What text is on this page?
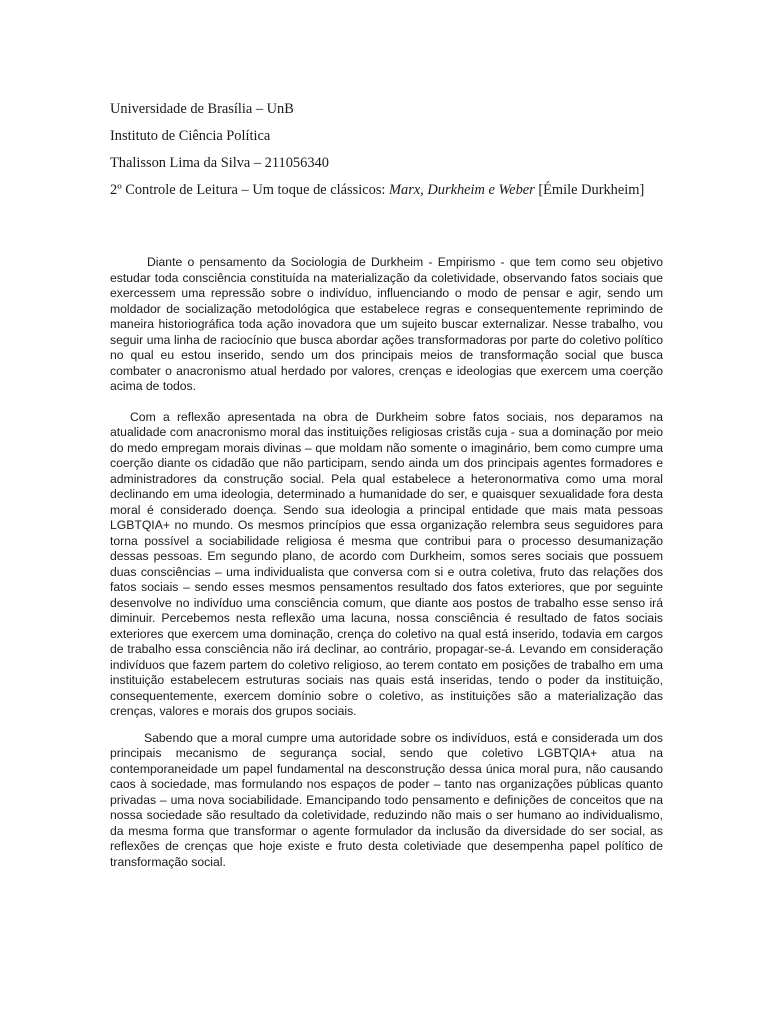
Universidade de Brasília – UnB
Instituto de Ciência Política
Thalisson Lima da Silva – 211056340
2º Controle de Leitura – Um toque de clássicos: Marx, Durkheim e Weber [Émile Durkheim]

Diante o pensamento da Sociologia de Durkheim - Empirismo - que tem como seu objetivo estudar toda consciência constituída na materialização da coletividade, observando fatos sociais que exercessem uma repressão sobre o indivíduo, influenciando o modo de pensar e agir, sendo um moldador de socialização metodológica que estabelece regras e consequentemente reprimindo de maneira historiográfica toda ação inovadora que um sujeito buscar externalizar. Nesse trabalho, vou seguir uma linha de raciocínio que busca abordar ações transformadoras por parte do coletivo político no qual eu estou inserido, sendo um dos principais meios de transformação social que busca combater o anacronismo atual herdado por valores, crenças e ideologias que exercem uma coerção acima de todos.

Com a reflexão apresentada na obra de Durkheim sobre fatos sociais, nos deparamos na atualidade com anacronismo moral das instituições religiosas cristãs cuja - sua a dominação por meio do medo empregam morais divinas – que moldam não somente o imaginário, bem como cumpre uma coerção diante os cidadão que não participam, sendo ainda um dos principais agentes formadores e administradores da construção social. Pela qual estabelece a heteronormativa como uma moral declinando em uma ideologia, determinado a humanidade do ser, e quaisquer sexualidade fora desta moral é considerado doença. Sendo sua ideologia a principal entidade que mais mata pessoas LGBTQIA+ no mundo. Os mesmos princípios que essa organização relembra seus seguidores para torna possível a sociabilidade religiosa é mesma que contribui para o processo desumanização dessas pessoas. Em segundo plano, de acordo com Durkheim, somos seres sociais que possuem duas consciências – uma individualista que conversa com si e outra coletiva, fruto das relações dos fatos sociais – sendo esses mesmos pensamentos resultado dos fatos exteriores, que por seguinte desenvolve no indivíduo uma consciência comum, que diante aos postos de trabalho esse senso irá diminuir. Percebemos nesta reflexão uma lacuna, nossa consciência é resultado de fatos sociais exteriores que exercem uma dominação, crença do coletivo na qual está inserido, todavia em cargos de trabalho essa consciência não irá declinar, ao contrário, propagar-se-á. Levando em consideração indivíduos que fazem partem do coletivo religioso, ao terem contato em posições de trabalho em uma instituição estabelecem estruturas sociais nas quais está inseridas, tendo o poder da instituição, consequentemente, exercem domínio sobre o coletivo, as instituições são a materialização das crenças, valores e morais dos grupos sociais.

Sabendo que a moral cumpre uma autoridade sobre os indivíduos, está e considerada um dos principais mecanismo de segurança social, sendo que coletivo LGBTQIA+ atua na contemporaneidade um papel fundamental na desconstrução dessa única moral pura, não causando caos à sociedade, mas formulando nos espaços de poder – tanto nas organizações públicas quanto privadas – uma nova sociabilidade. Emancipando todo pensamento e definições de conceitos que na nossa sociedade são resultado da coletividade, reduzindo não mais o ser humano ao individualismo, da mesma forma que transformar o agente formulador da inclusão da diversidade do ser social, as reflexões de crenças que hoje existe e fruto desta coletiviade que desempenha papel político de transformação social.
